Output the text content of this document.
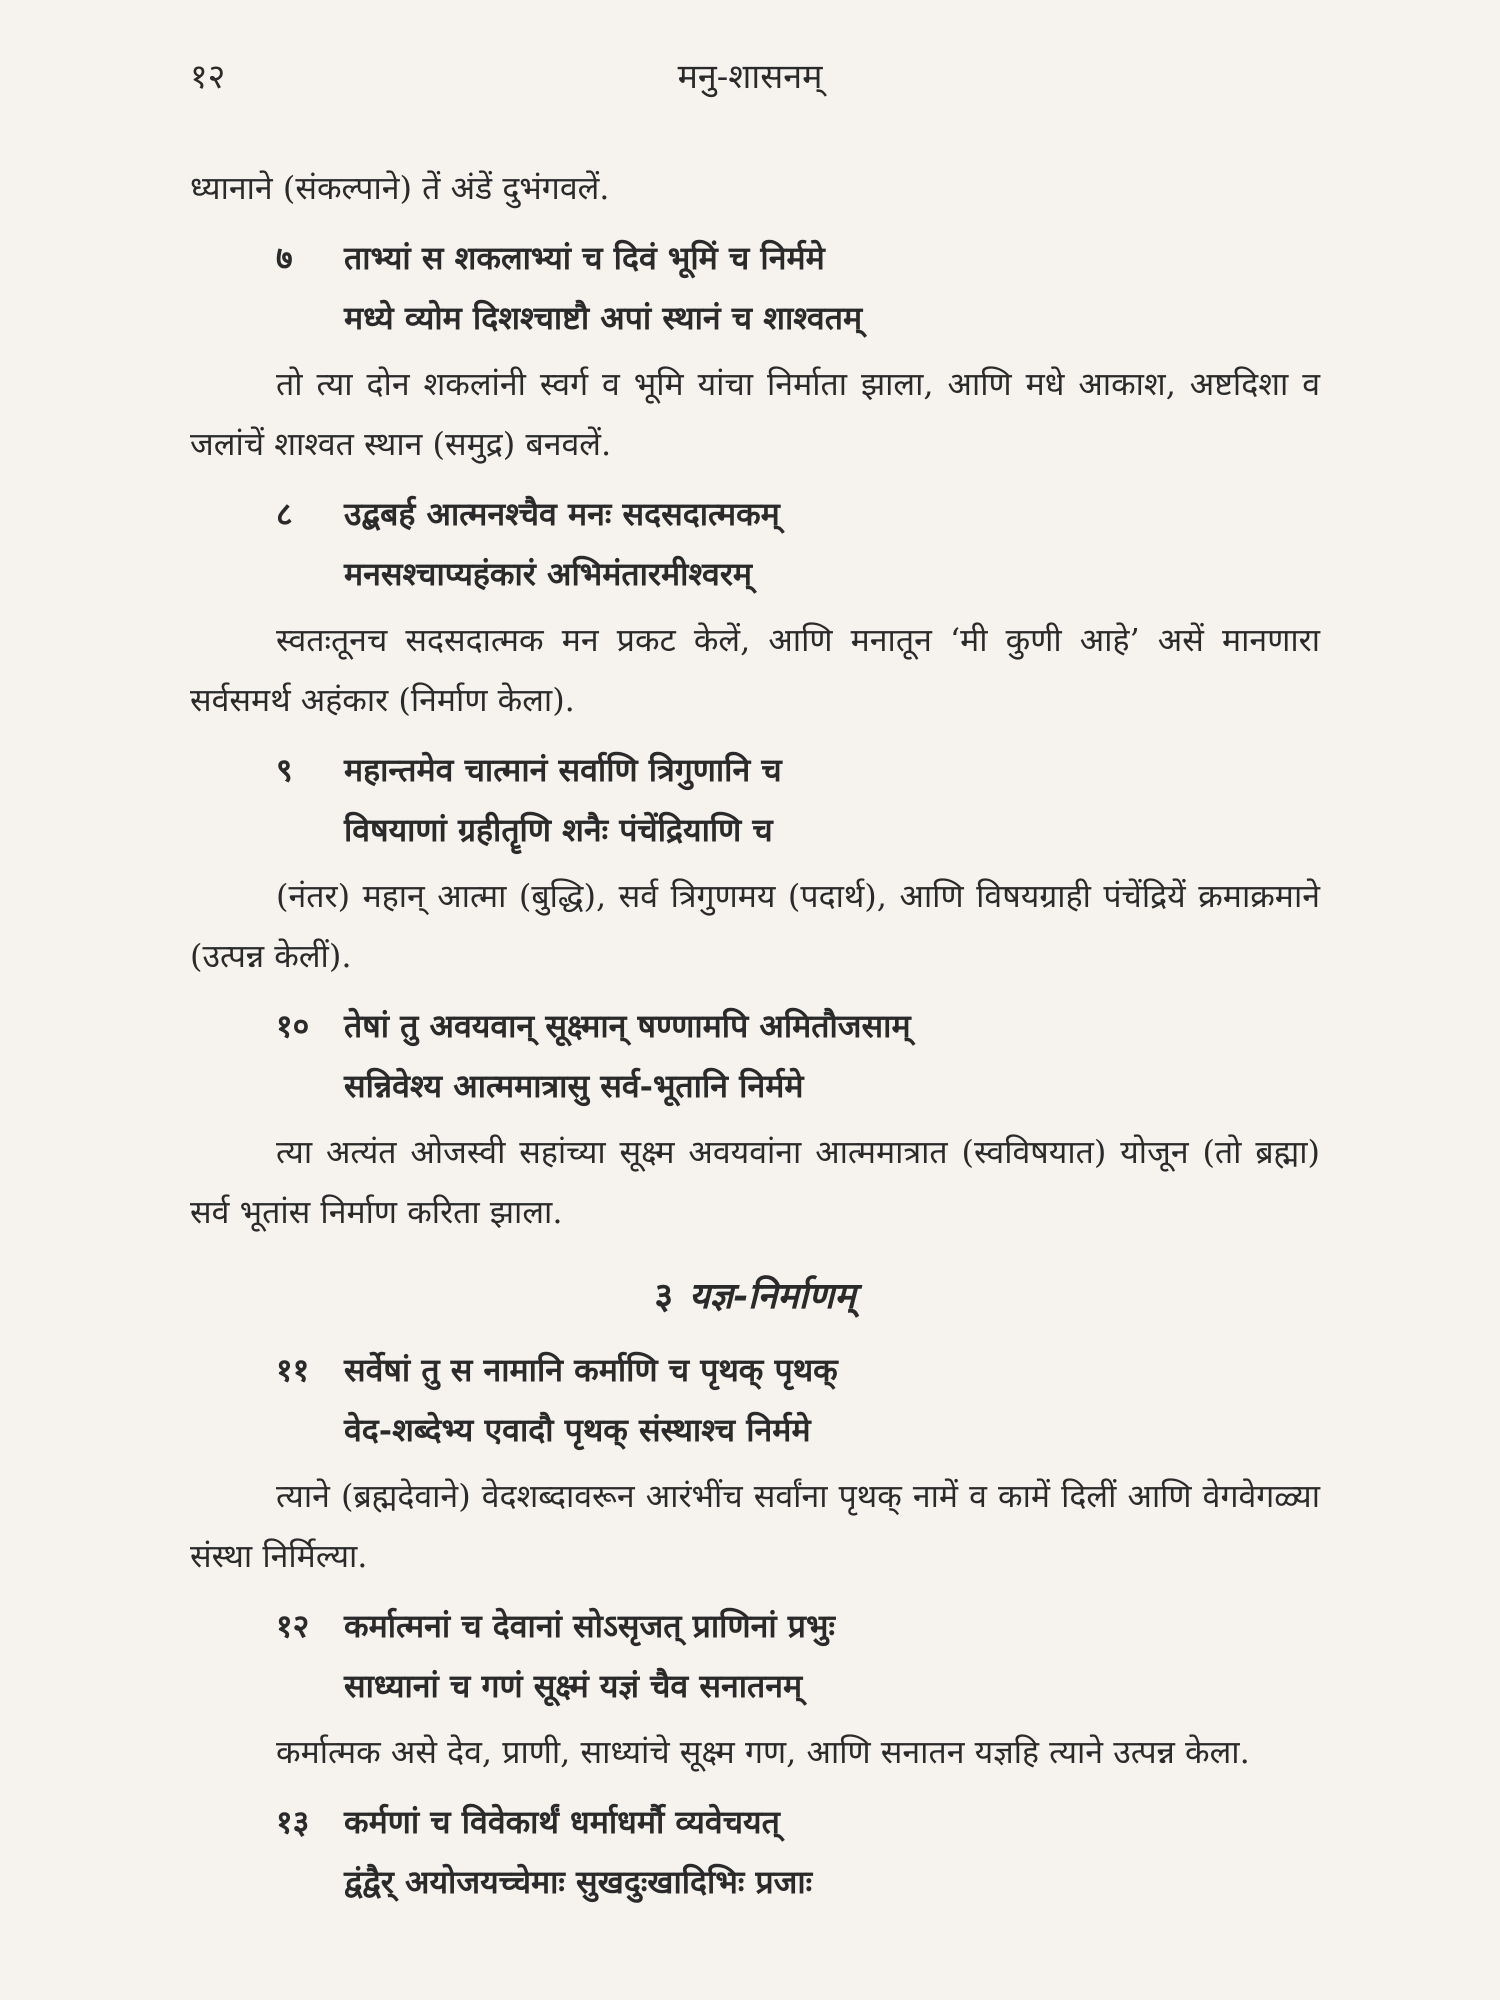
१२	मनु-शासनम्

ध्यानाने (संकल्पाने) तें अंडें दुभंगवलें.

७	ताभ्यां स शकलाभ्यां च दिवं भूमिं च निर्ममे
मध्ये व्योम दिशश्चाष्टौ अपां स्थानं च शाश्वतम्

तो त्या दोन शकलांनी स्वर्ग व भूमि यांचा निर्माता झाला, आणि मधे आकाश, अष्टदिशा व जलांचें शाश्वत स्थान (समुद्र) बनवलें.

८	उद्बबर्ह आत्मनश्चैव मनः सदसदात्मकम्
मनसश्चाप्यहंकारं अभिमंतारमीश्वरम्

स्वतःतूनच सदसदात्मक मन प्रकट केलें, आणि मनातून ‘मी कुणी आहे’ असें मानणारा सर्वसमर्थ अहंकार (निर्माण केला).

९	महान्तमेव चात्मानं सर्वाणि त्रिगुणानि च
विषयाणां ग्रहीतॄणि शनैः पंचेंद्रियाणि च

(नंतर) महान् आत्मा (बुद्धि), सर्व त्रिगुणमय (पदार्थ), आणि विषयग्राही पंचेंद्रियें क्रमाक्रमाने (उत्पन्न केलीं).

१०	तेषां तु अवयवान् सूक्ष्मान् षण्णामपि अमितौजसाम्
सन्निवेश्य आत्ममात्रासु सर्व-भूतानि निर्ममे

त्या अत्यंत ओजस्वी सहांच्या सूक्ष्म अवयवांना आत्ममात्रात (स्वविषयात) योजून (तो ब्रह्मा) सर्व भूतांस निर्माण करिता झाला.

३ यज्ञ-निर्माणम्
११	सर्वेषां तु स नामानि कर्माणि च पृथक् पृथक्
वेद-शब्देभ्य एवादौ पृथक् संस्थाश्च निर्ममे

त्याने (ब्रह्मदेवाने) वेदशब्दावरून आरंभींच सर्वांना पृथक् नामें व कामें दिलीं आणि वेगवेगळ्या संस्था निर्मिल्या.

१२	कर्मात्मनां च देवानां सोऽसृजत् प्राणिनां प्रभुः
साध्यानां च गणं सूक्ष्मं यज्ञं चैव सनातनम्

कर्मात्मक असे देव, प्राणी, साध्यांचे सूक्ष्म गण, आणि सनातन यज्ञहि त्याने उत्पन्न केला.

१३	कर्मणां च विवेकार्थं धर्माधर्मौ व्यवेचयत्
द्वंद्वैर् अयोजयच्चेमाः सुखदुःखादिभिः प्रजाः
